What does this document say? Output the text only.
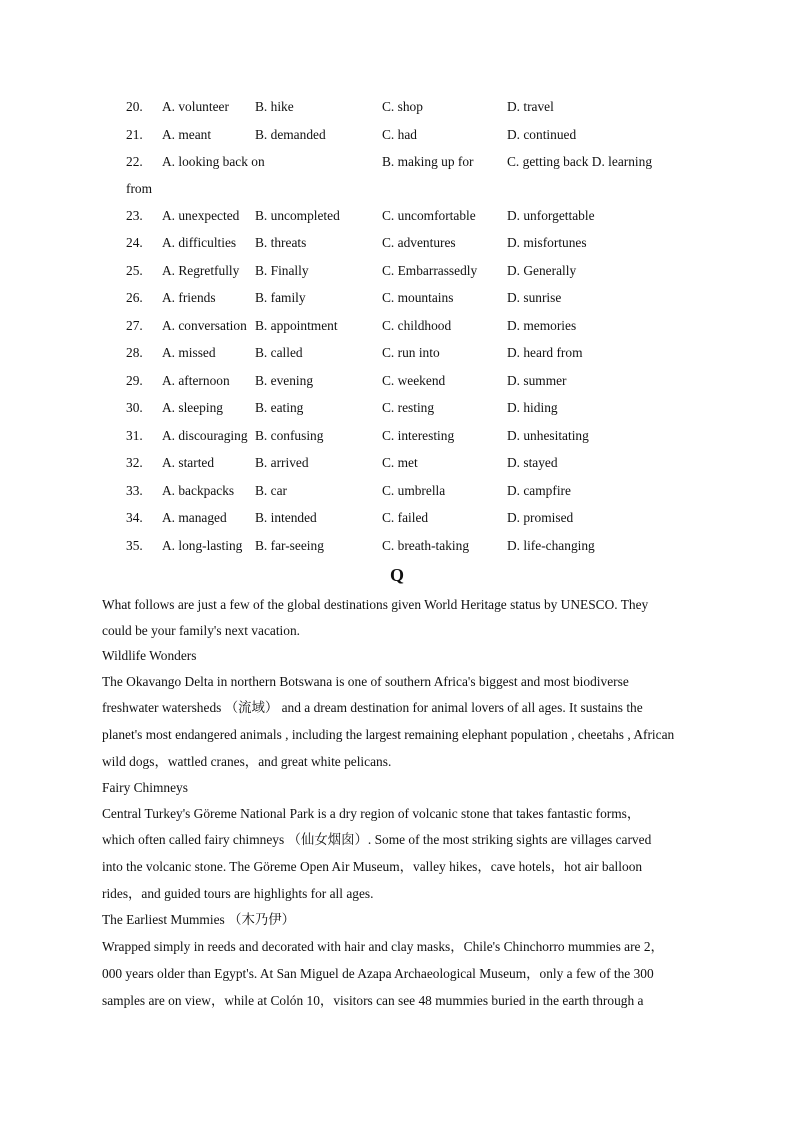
20. A. volunteer B. hike	C. shop	D. travel
21. A. meant	B. demanded	C. had	D. continued
22. A. looking back on	B. making up for	C. getting back D. learning
from
23. A. unexpected B. uncompleted	C. uncomfortable D. unforgettable
24. A. difficulties B. threats	C. adventures	D. misfortunes
25. A. Regretfully B. Finally	C. Embarrassedly D. Generally
26. A. friends	B. family	C. mountains	D. sunrise
27. A. conversation B. appointment	C. childhood	D. memories
28. A. missed	B. called	C. run into	D. heard from
29. A. afternoon B. evening	C. weekend	D. summer
30. A. sleeping B. eating	C. resting	D. hiding
31. A. discouraging B. confusing	C. interesting	D. unhesitating
32. A. started	B. arrived	C. met	D. stayed
33. A. backpacks B. car	C. umbrella	D. campfire
34. A. managed B. intended	C. failed	D. promised
35. A. long-lasting B. far-seeing	C. breath-taking	D. life-changing
Q
What follows are just a few of the global destinations given World Heritage status by UNESCO. They
could be your family's next vacation.
Wildlife Wonders
The Okavango Delta in northern Botswana is one of southern Africa's biggest and most biodiverse
freshwater watersheds （流域） and a dream destination for animal lovers of all ages. It sustains the
planet's most endangered animals , including the largest remaining elephant population , cheetahs , African
wild dogs，wattled cranes，and great white pelicans.
Fairy Chimneys
Central Turkey's Göreme National Park is a dry region of volcanic stone that takes fantastic forms，
which often called fairy chimneys （仙女烟囱）. Some of the most striking sights are villages carved
into the volcanic stone. The Göreme Open Air Museum，valley hikes，cave hotels，hot air balloon
rides，and guided tours are highlights for all ages.
The Earliest Mummies （木乃伊）
Wrapped simply in reeds and decorated with hair and clay masks，Chile's Chinchorro mummies are 2，
000 years older than Egypt's. At San Miguel de Azapa Archaeological Museum，only a few of the 300
samples are on view，while at Colón 10，visitors can see 48 mummies buried in the earth through a
